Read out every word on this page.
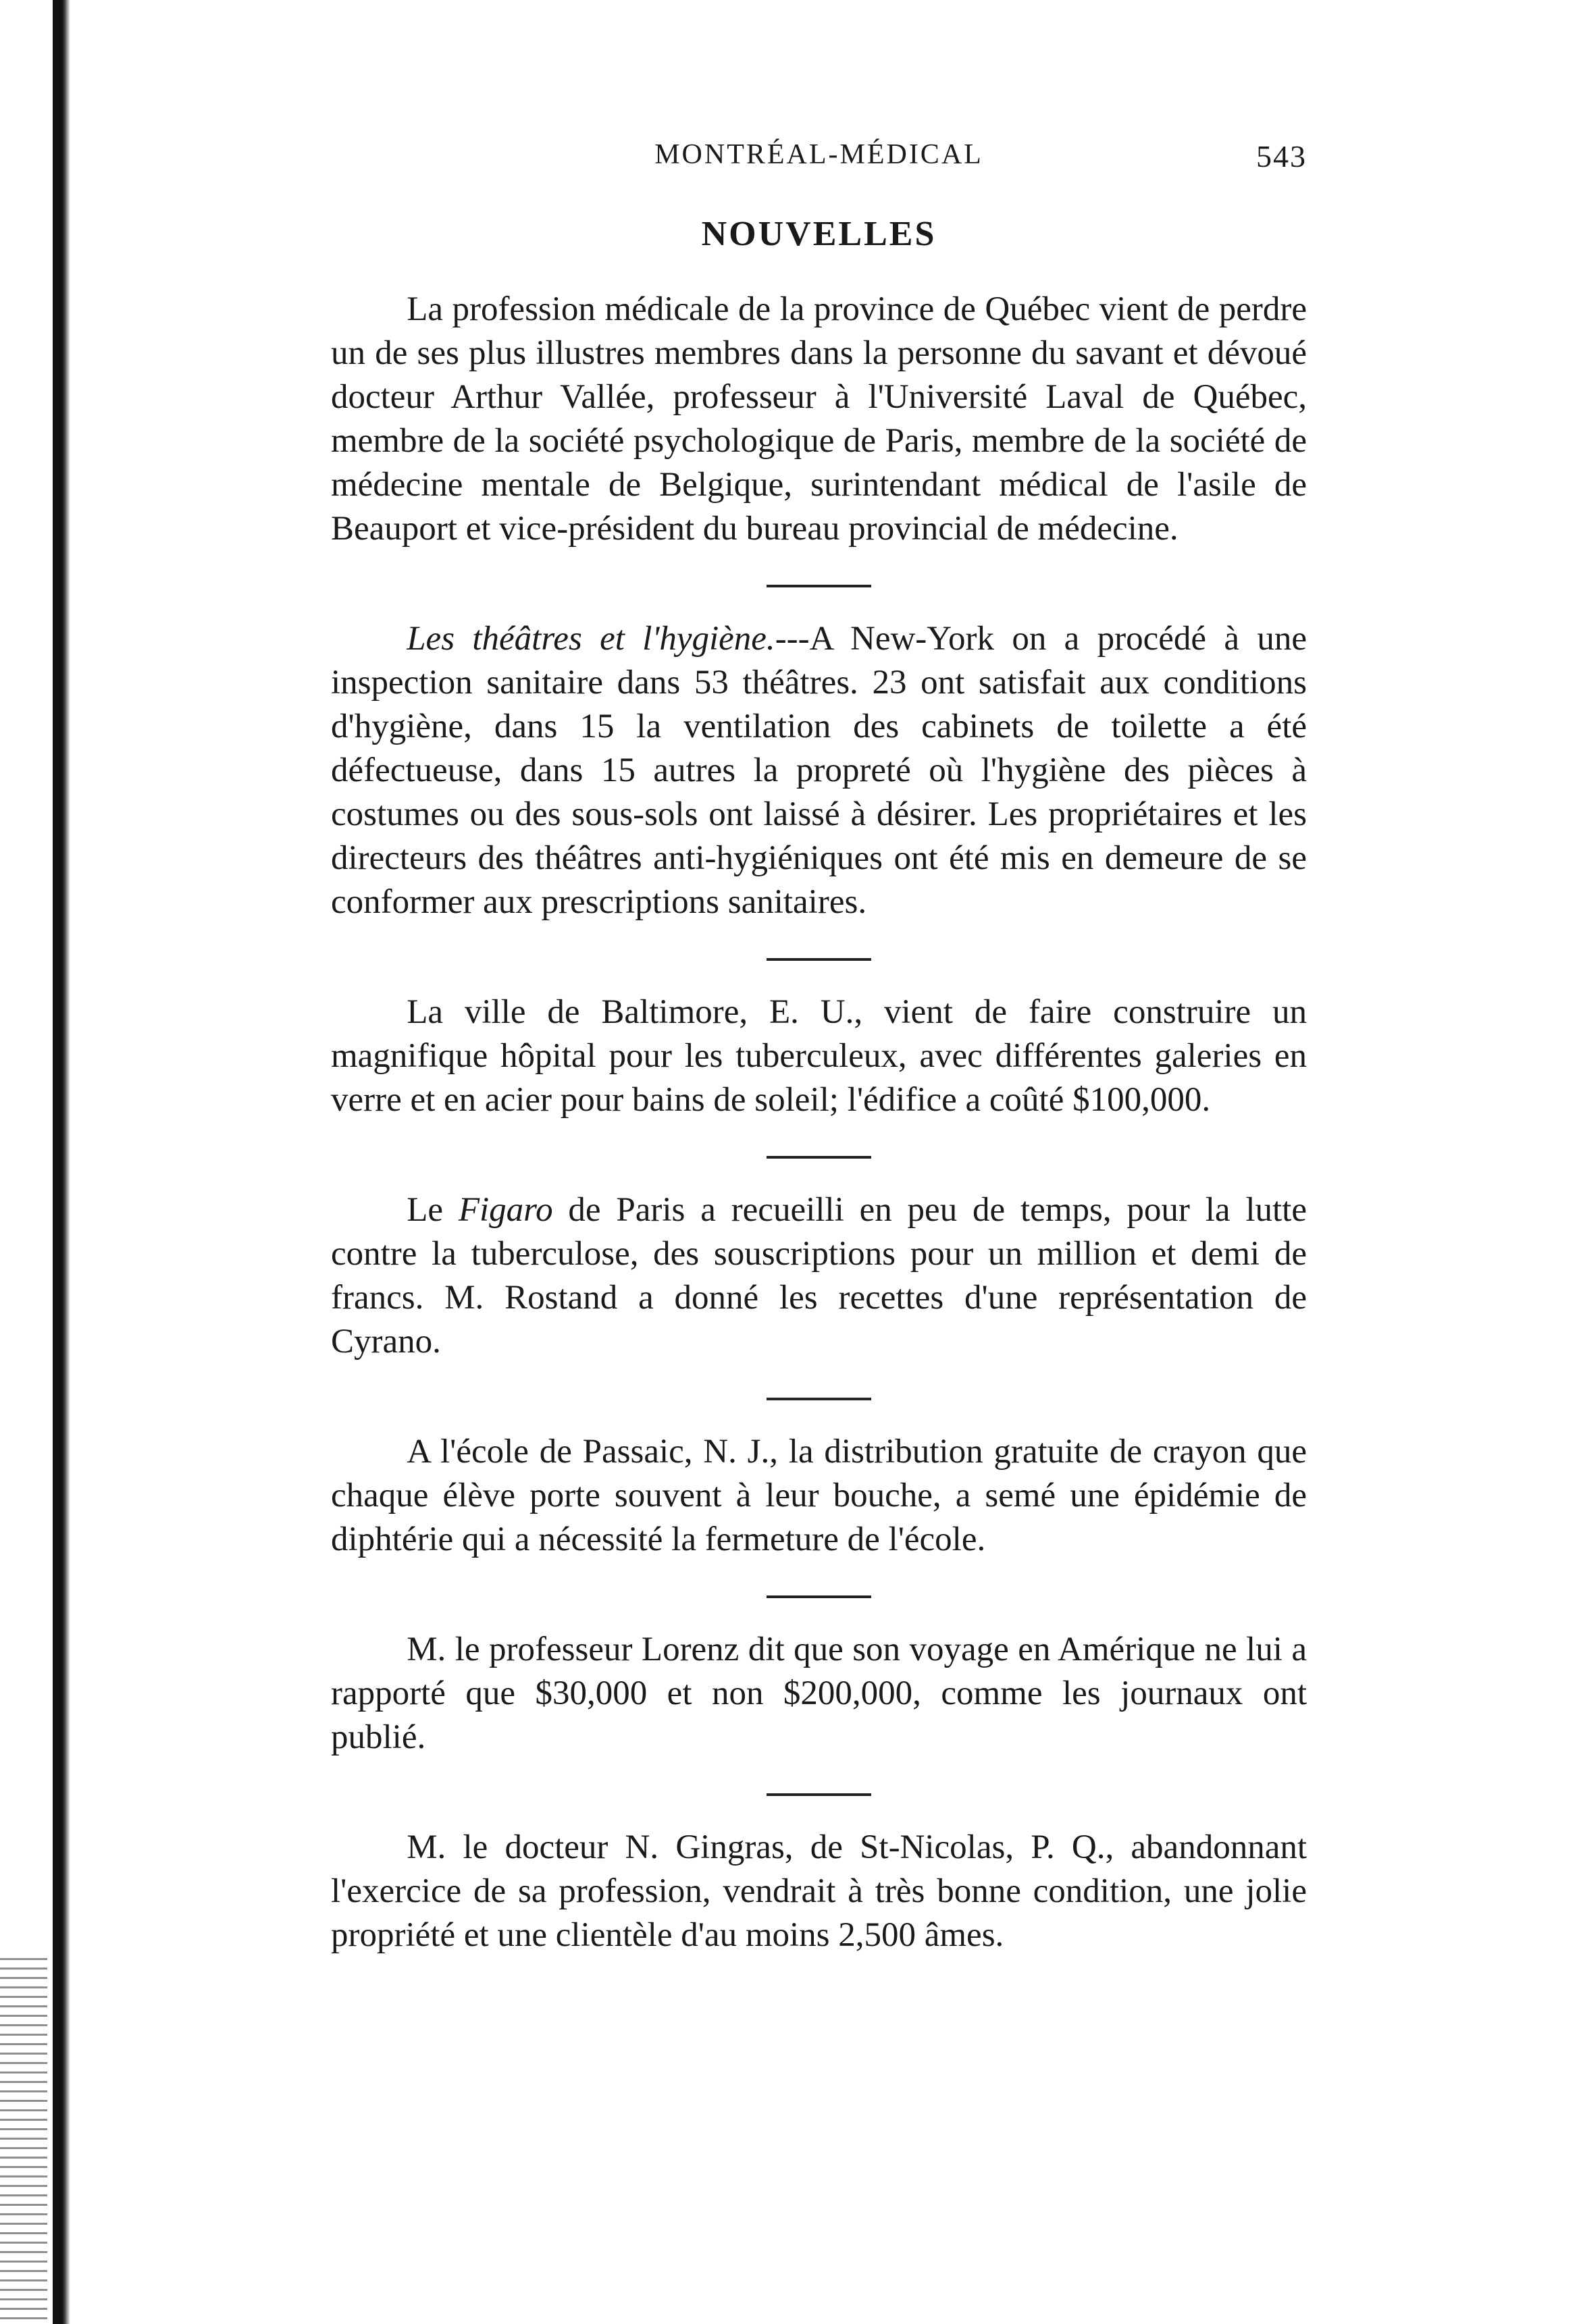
MONTRÉAL-MÉDICAL	543
NOUVELLES

La profession médicale de la province de Québec vient de perdre un de ses plus illustres membres dans la personne du savant et dévoué docteur Arthur Vallée, professeur à l'Université Laval de Québec, membre de la société psychologique de Paris, membre de la société de médecine mentale de Belgique, surintendant médical de l'asile de Beauport et vice-président du bureau provincial de médecine.

Les théâtres et l'hygiène.---A New-York on a procédé à une inspection sanitaire dans 53 théâtres. 23 ont satisfait aux conditions d'hygiène, dans 15 la ventilation des cabinets de toilette a été défectueuse, dans 15 autres la propreté où l'hygiène des pièces à costumes ou des sous-sols ont laissé à désirer. Les propriétaires et les directeurs des théâtres anti-hygiéniques ont été mis en demeure de se conformer aux prescriptions sanitaires.

La ville de Baltimore, E. U., vient de faire construire un magnifique hôpital pour les tuberculeux, avec différentes galeries en verre et en acier pour bains de soleil; l'édifice a coûté $100,000.

Le Figaro de Paris a recueilli en peu de temps, pour la lutte contre la tuberculose, des souscriptions pour un million et demi de francs. M. Rostand a donné les recettes d'une représentation de Cyrano.

A l'école de Passaic, N. J., la distribution gratuite de crayon que chaque élève porte souvent à leur bouche, a semé une épidémie de diphtérie qui a nécessité la fermeture de l'école.

M. le professeur Lorenz dit que son voyage en Amérique ne lui a rapporté que $30,000 et non $200,000, comme les journaux ont publié.

M. le docteur N. Gingras, de St-Nicolas, P. Q., abandonnant l'exercice de sa profession, vendrait à très bonne condition, une jolie propriété et une clientèle d'au moins 2,500 âmes.
